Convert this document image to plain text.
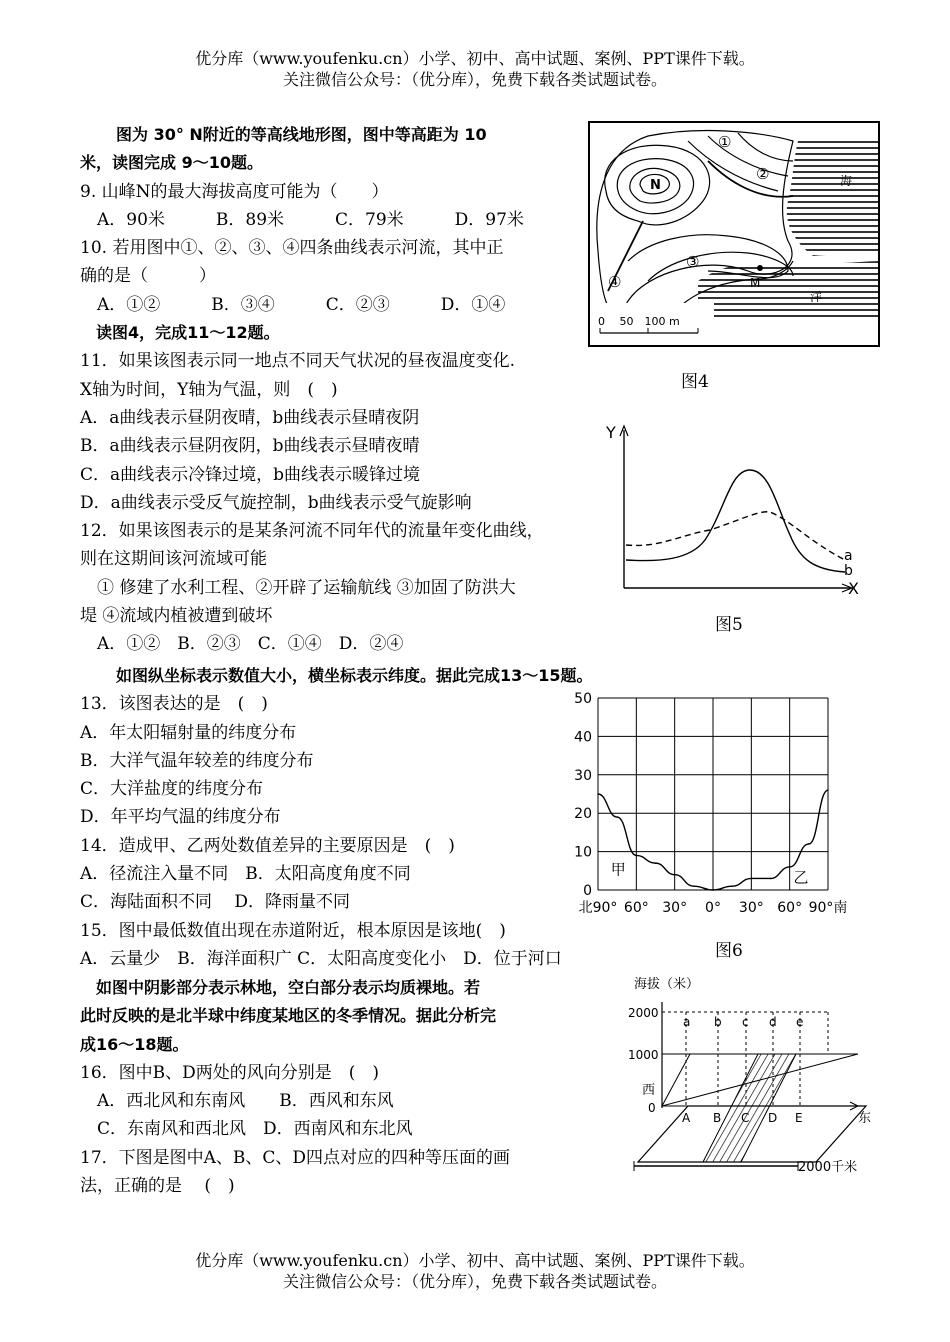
优分库（www.youfenku.cn）小学、初中、高中试题、案例、PPT课件下载。
关注微信公众号：（优分库），免费下载各类试题试卷。
图为 30° N附近的等高线地形图，图中等高距为 10
米，读图完成 9～10题。
9. 山峰N的最大海拔高度可能为（　　）
　A．90米　　　B．89米　　　C．79米　　　D．97米
10. 若用图中①、②、③、④四条曲线表示河流，其中正
确的是（　　　）
　A．①②　　　B．③④　　　C．②③　　　D．①④
　读图4，完成11～12题。
11．如果该图表示同一地点不同天气状况的昼夜温度变化.
X轴为时间，Y轴为气温，则　(　)
A．a曲线表示昼阴夜晴，b曲线表示昼晴夜阴
B．a曲线表示昼阴夜阴，b曲线表示昼晴夜晴
C．a曲线表示冷锋过境，b曲线表示暖锋过境
D．a曲线表示受反气旋控制，b曲线表示受气旋影响
12．如果该图表示的是某条河流不同年代的流量年变化曲线，
则在这期间该河流域可能
　① 修建了水利工程、②开辟了运输航线 ③加固了防洪大
堤 ④流域内植被遭到破坏
　A．①②　B．②③　C．①④　D．②④
如图纵坐标表示数值大小，横坐标表示纬度。据此完成13～15题。
13．该图表达的是　(　)
A．年太阳辐射量的纬度分布
B．大洋气温年较差的纬度分布
C．大洋盐度的纬度分布
D．年平均气温的纬度分布
14．造成甲、乙两处数值差异的主要原因是　(　)
A．径流注入量不同　B．太阳高度角度不同
C．海陆面积不同　 D．降雨量不同
15．图中最低数值出现在赤道附近，根本原因是该地(　)
A．云量少　B．海洋面积广 C．太阳高度变化小　D．位于河口
　如图中阴影部分表示林地，空白部分表示均质裸地。若
此时反映的是北半球中纬度某地区的冬季情况。据此分析完
成16～18题。
16．图中B、D两处的风向分别是　(　)
　A．西北风和东南风　　B．西风和东风
　C．东南风和西北风　D．西南风和东北风
17．下图是图中A、B、C、D四点对应的四种等压面的画
法，正确的是　 (　)
0　 50　100 m
①
②
③
④
海
洋
N
M
图4
Y
X
a
b
图5
甲	乙
50
40
30
20
10
0
北90° 60° 30° 0° 30° 60° 90°南
图6
海拔（米）
2000
1000
西
0
2000千米
东
a b c d e
A B C D E
优分库（www.youfenku.cn）小学、初中、高中试题、案例、PPT课件下载。
关注微信公众号：（优分库），免费下载各类试题试卷。
